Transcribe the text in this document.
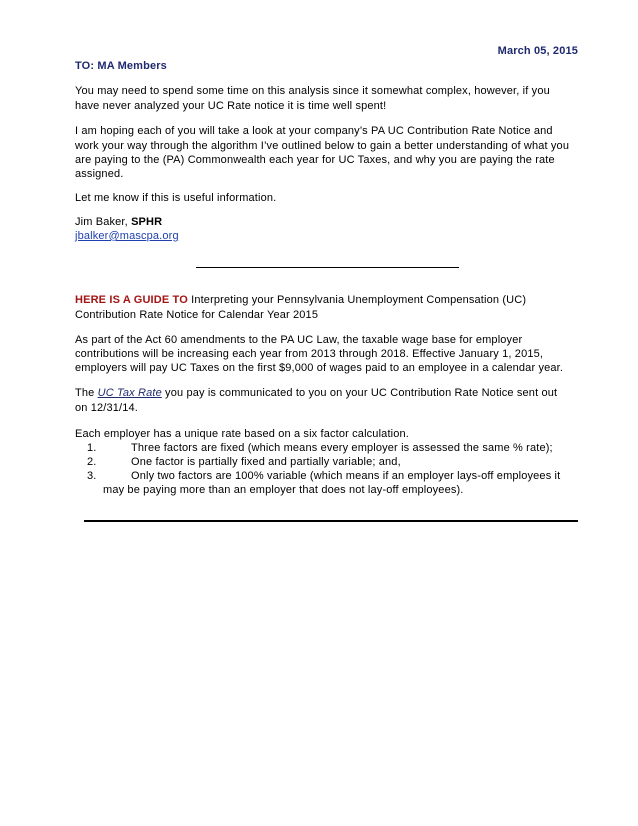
March 05, 2015
TO: MA Members
You may need to spend some time on this analysis since it somewhat complex, however, if you
have never analyzed your UC Rate notice it is time well spent!
I am hoping each of you will take a look at your company’s PA UC Contribution Rate Notice and
work your way through the algorithm I’ve outlined below to gain a better understanding of what you
are paying to the (PA) Commonwealth each year for UC Taxes, and why you are paying the rate
assigned.
Let me know if this is useful information.
Jim Baker, SPHR
jbalker@mascpa.org
HERE IS A GUIDE TO Interpreting your Pennsylvania Unemployment Compensation (UC)
Contribution Rate Notice for Calendar Year 2015
As part of the Act 60 amendments to the PA UC Law, the taxable wage base for employer
contributions will be increasing each year from 2013 through 2018. Effective January 1, 2015,
employers will pay UC Taxes on the first $9,000 of wages paid to an employee in a calendar year.
The UC Tax Rate you pay is communicated to you on your UC Contribution Rate Notice sent out
on 12/31/14.
Each employer has a unique rate based on a six factor calculation.
1.	Three factors are fixed (which means every employer is assessed the same % rate);
2.	One factor is partially fixed and partially variable; and,
3.	Only two factors are 100% variable (which means if an employer lays-off employees it
may be paying more than an employer that does not lay-off employees).
